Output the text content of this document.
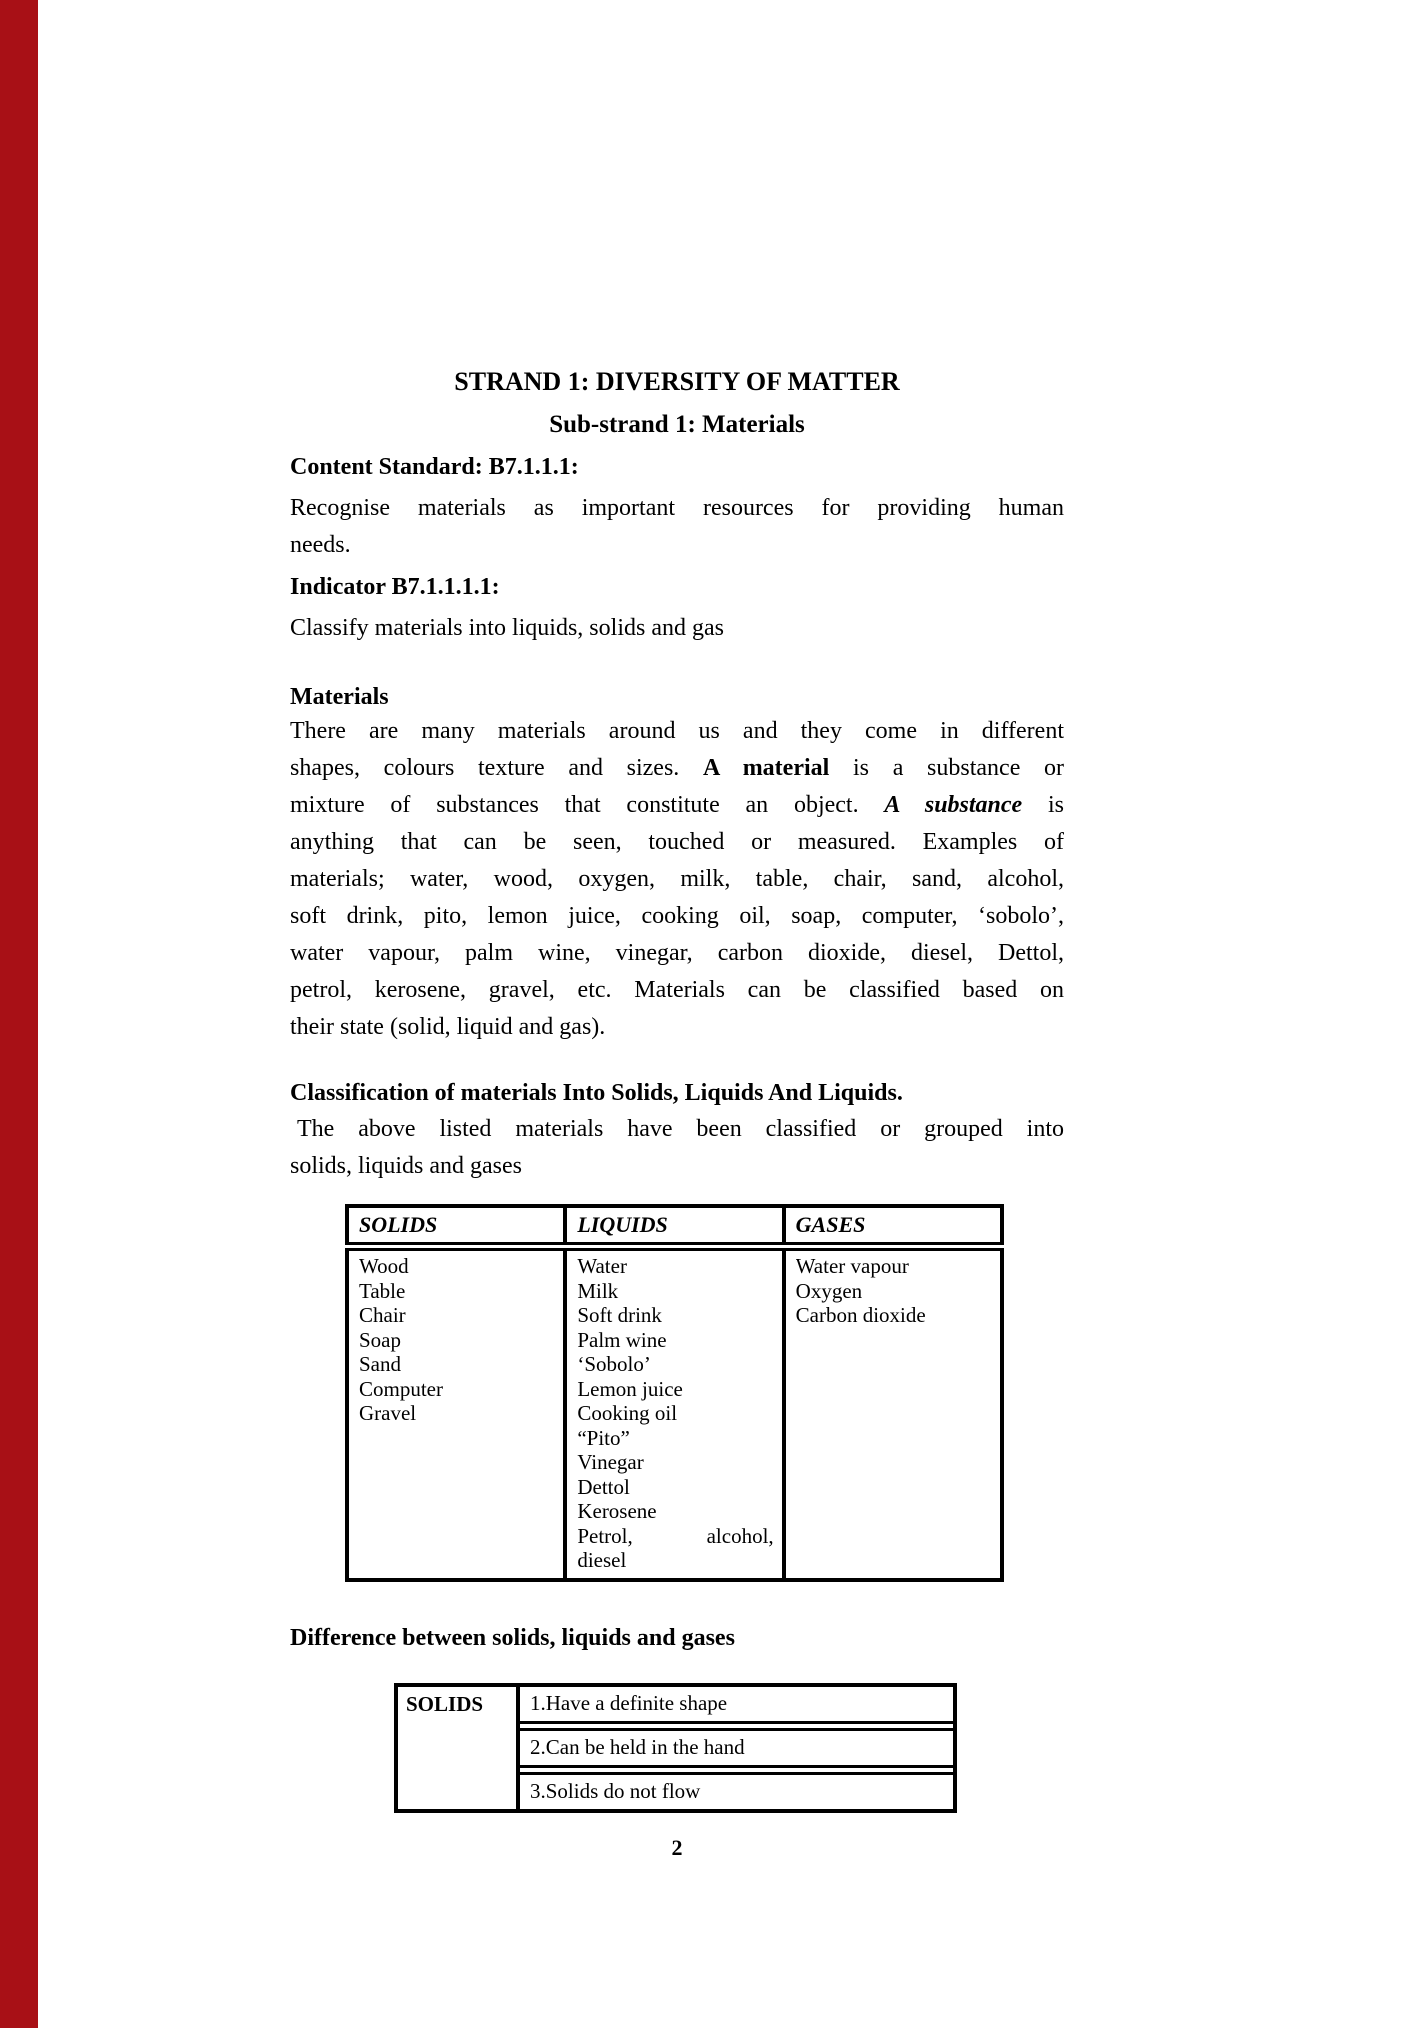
STRAND 1: DIVERSITY OF MATTER
Sub-strand 1: Materials
Content Standard: B7.1.1.1:
Recognise materials as important resources for providing human
needs.
Indicator B7.1.1.1.1:
Classify materials into liquids, solids and gas
Materials
There are many materials around us and they come in different
shapes, colours texture and sizes. A material is a substance or
mixture of substances that constitute an object. A substance is
anything that can be seen, touched or measured. Examples of
materials; water, wood, oxygen, milk, table, chair, sand, alcohol,
soft drink, pito, lemon juice, cooking oil, soap, computer, ‘sobolo’,
water vapour, palm wine, vinegar, carbon dioxide, diesel, Dettol,
petrol, kerosene, gravel, etc. Materials can be classified based on
their state (solid, liquid and gas).
Classification of materials Into Solids, Liquids And Liquids.
The above listed materials have been classified or grouped into
solids, liquids and gases
SOLIDS	LIQUIDS	GASES

Wood
Table
Chair
Soap
Sand
Computer
Gravel

Water
Milk
Soft drink
Palm wine
‘Sobolo’
Lemon juice
Cooking oil
“Pito”
Vinegar
Dettol
Kerosene
Petrol,	alcohol,
diesel

Water vapour
Oxygen
Carbon dioxide
Difference between solids, liquids and gases
SOLIDS	1.Have a definite shape
2.Can be held in the hand
3.Solids do not flow
2
